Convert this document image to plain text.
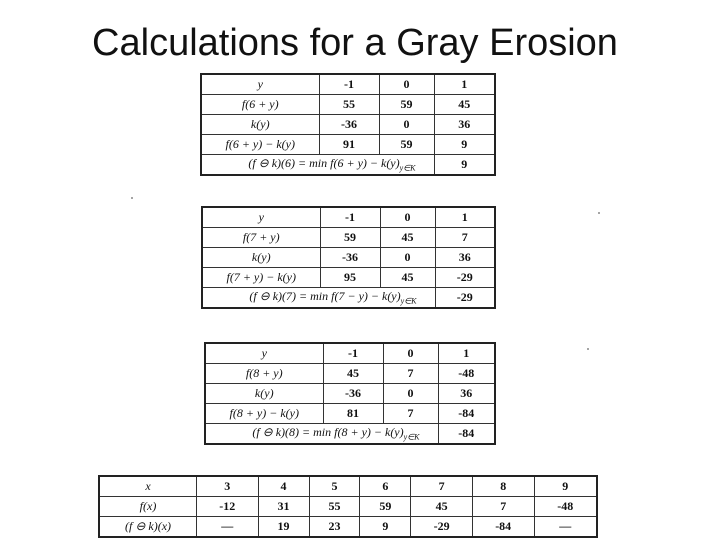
Calculations for a Gray Erosion
y	-1	0	1
f(6 + y)	55	59	45
k(y)	-36	0	36
f(6 + y) − k(y)	91	59	9
(f ⊖ $k)(6) = \min f(6 + y) - k(y)_{y\in K}$			9
y	-1	0	1
f(7 + y)	59	45	7
k(y)	-36	0	36
f(7 + y) − k(y)	95	45	-29
(f ⊖ $k)(7) = \min f(7 - y) - k(y)_{y\in K}$			-29
y	-1	0	1
f(8 + y)	45	7	-48
k(y)	-36	0	36
f(8 + y) − k(y)	81	7	-84
(f ⊖ $k)(8) = \min f(8 + y) - k(y)_{y\in K}$			-84
x	3	4	5	6	7	8	9
f(x)	-12	31	55	59	45	7	-48
(f ⊖ k)(x)	—	19	23	9	-29	-84	—
